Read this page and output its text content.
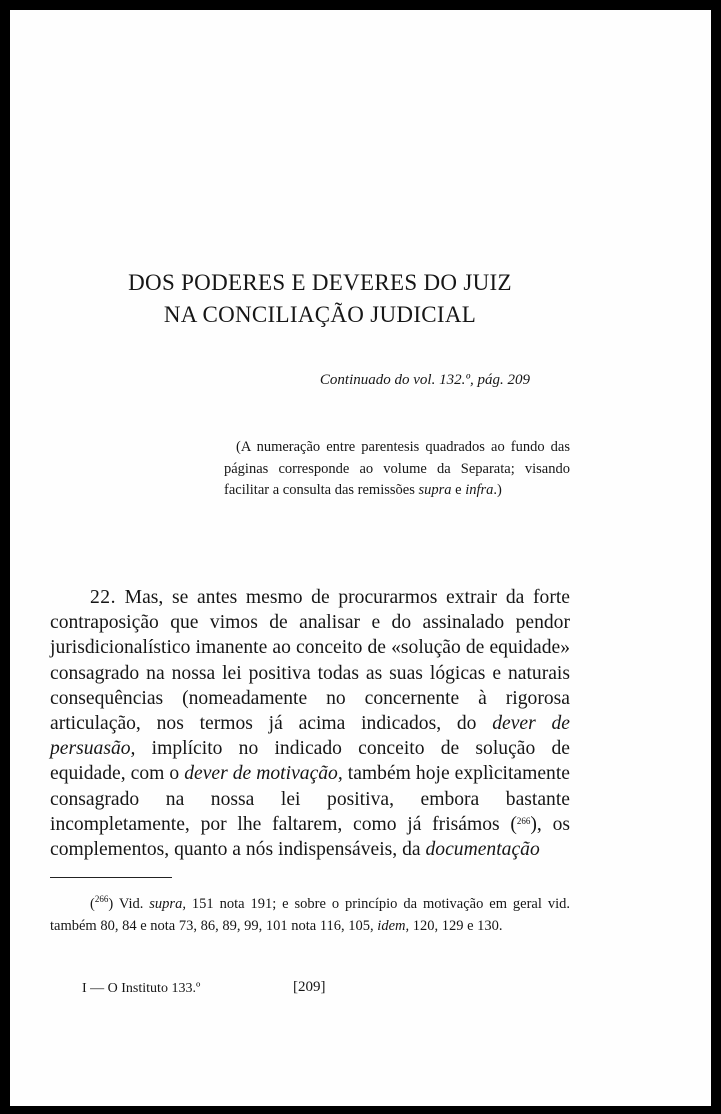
DOS PODERES E DEVERES DO JUIZ
NA CONCILIAÇÃO JUDICIAL
Continuado do vol. 132.º, pág. 209

(A numeração entre parentesis quadrados ao fundo das páginas corresponde ao volume da Separata; visando facilitar a consulta das remissões supra e infra.)

22. Mas, se antes mesmo de procurarmos extrair da forte contraposição que vimos de analisar e do assinalado pendor jurisdicionalístico imanente ao conceito de «solução de equidade» consagrado na nossa lei positiva todas as suas lógicas e naturais consequências (nomeadamente no concernente à rigorosa articulação, nos termos já acima indicados, do dever de persuasão, implícito no indicado conceito de solução de equidade, com o dever de motivação, também hoje explìcitamente consagrado na nossa lei positiva, embora bastante incompletamente, por lhe faltarem, como já frisámos ($^{266}$), os complementos, quanto a nós indispensáveis, da documentação

($^{266}$) Vid. supra, 151 nota 191; e sobre o princípio da motivação em geral vid. também 80, 84 e nota 73, 86, 89, 99, 101 nota 116, 105, idem, 120, 129 e 130.

I — O Instituto 133.º	[209]
